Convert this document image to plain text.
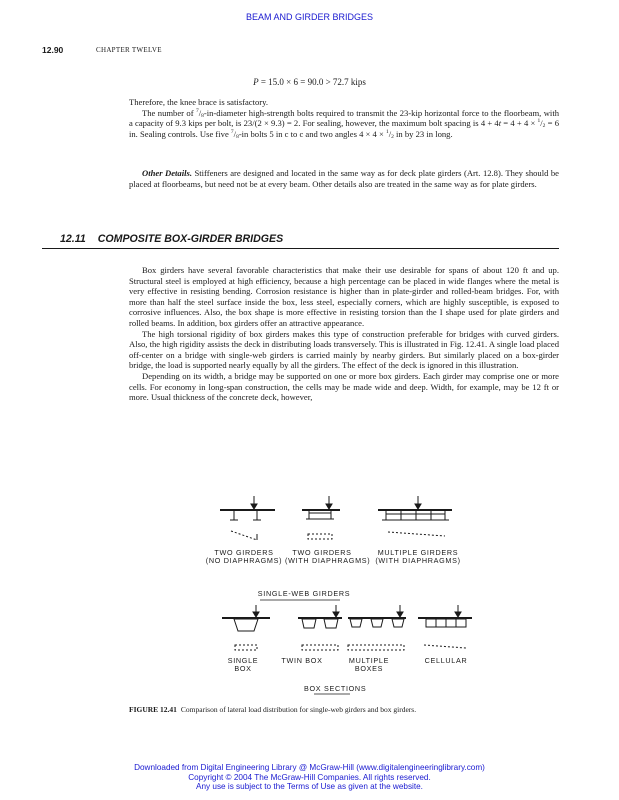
BEAM AND GIRDER BRIDGES
12.90	CHAPTER TWELVE
P = 15.0 × 6 = 90.0 > 72.7 kips

Therefore, the knee brace is satisfactory.

The number of $^7/_8-in$-diameter high-strength bolts required to transmit the 23-kip horizontal force to the floorbeam, with a capacity of 9.3 kips per bolt, is 23/(2 × 9.3) = 2. For sealing, however, the maximum bolt spacing is $4 + 4t = 4 + 4 \times ^1/_2 = 6$ in. Sealing controls. Use five $^7/_8-in$ bolts 5 in c to c and two angles $4 \times 4 \times ^1/_2$ in by 23 in long.

Other Details. Stiffeners are designed and located in the same way as for deck plate girders (Art. 12.8). They should be placed at floorbeams, but need not be at every beam. Other details also are treated in the same way as for plate girders.

12.11 COMPOSITE BOX-GIRDER BRIDGES

Box girders have several favorable characteristics that make their use desirable for spans of about 120 ft and up. Structural steel is employed at high efficiency, because a high percentage can be placed in wide flanges where the metal is very effective in resisting bending. Corrosion resistance is higher than in plate-girder and rolled-beam bridges. For, with more than half the steel surface inside the box, less steel, especially corners, which are highly susceptible, is exposed to corrosive influences. Also, the box shape is more effective in resisting torsion than the I shape used for plate girders and rolled beams. In addition, box girders offer an attractive appearance.

The high torsional rigidity of box girders makes this type of construction preferable for bridges with curved girders. Also, the high rigidity assists the deck in distributing loads transversely. This is illustrated in Fig. 12.41. A single load placed off-center on a bridge with single-web girders is carried mainly by nearby girders. But similarly placed on a box-girder bridge, the load is supported nearly equally by all the girders. The effect of the deck is ignored in this illustration.

Depending on its width, a bridge may be supported on one or more box girders. Each girder may comprise one or more cells. For economy in long-span construction, the cells may be made wide and deep. Width, for example, may be 12 ft or more. Usual thickness of the concrete deck, however,

TWO GIRDERS
(NO DIAPHRAGMS)
TWO GIRDERS
(WITH DIAPHRAGMS)
MULTIPLE GIRDERS
(WITH DIAPHRAGMS)
SINGLE-WEB GIRDERS
SINGLE
BOX
TWIN BOX	MULTIPLE
BOXES
CELLULAR
BOX SECTIONS
FIGURE 12.41 Comparison of lateral load distribution for single-web girders and box girders.
Downloaded from Digital Engineering Library @ McGraw-Hill (www.digitalengineeringlibrary.com)
Copyright © 2004 The McGraw-Hill Companies. All rights reserved.
Any use is subject to the Terms of Use as given at the website.
